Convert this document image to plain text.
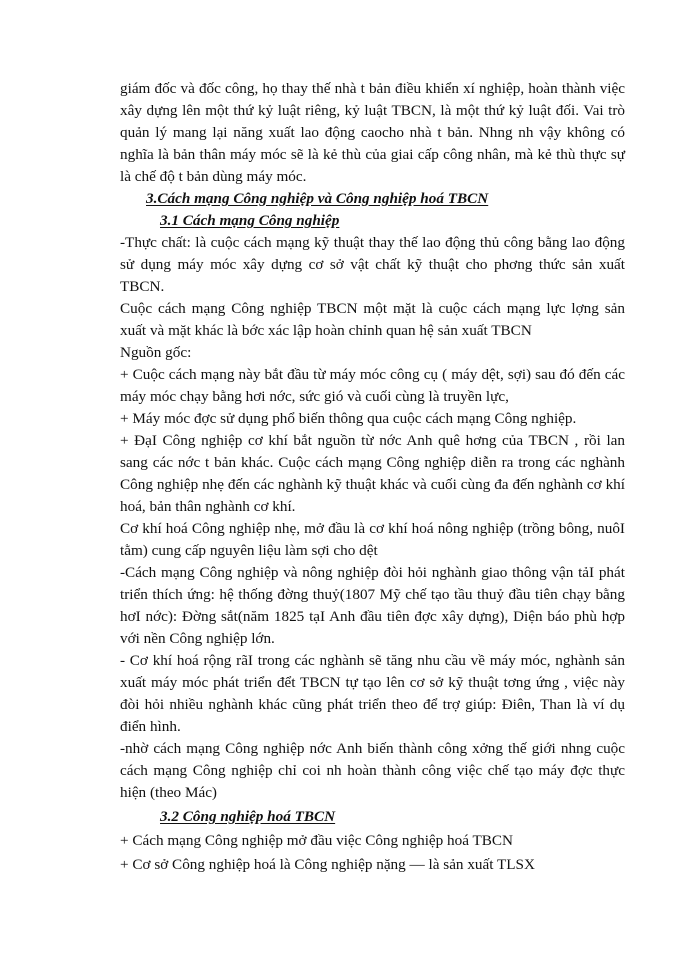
giám đốc và đốc công, họ thay thế nhà t bản điều khiển xí nghiệp, hoàn thành việc xây dựng lên một thứ kỷ luật riêng, kỷ luật TBCN, là một thứ kỷ luật đối. Vai trò quản lý mang lại năng xuất lao động caocho nhà t bản. Nhng nh vậy không có nghĩa là bản thân máy móc sẽ là kẻ thù của giai cấp công nhân, mà kẻ thù thực sự là chế độ t bản dùng máy móc.

3.Cách mạng Công nghiệp và Công nghiệp hoá TBCN

3.1 Cách mạng Công nghiệp

-Thực chất: là cuộc cách mạng kỹ thuật thay thế lao động thủ công bằng lao động sử dụng máy móc xây dựng cơ sở vật chất kỹ thuật cho phơng thức sản xuất TBCN.

Cuộc cách mạng Công nghiệp TBCN một mặt là cuộc cách mạng lực lợng sản xuất và mặt khác là bớc xác lập hoàn chỉnh quan hệ sản xuất TBCN

Nguồn gốc:

+ Cuộc cách mạng này bắt đầu từ máy móc công cụ ( máy dệt, sợi) sau đó đến các máy móc chạy bằng hơi nớc, sức gió và cuối cùng là truyền lực,

+ Máy móc đợc sử dụng phổ biến thông qua cuộc cách mạng Công nghiệp.

+ ĐạI Công nghiệp cơ khí bắt nguồn từ nớc Anh quê hơng của TBCN , rồi lan sang các nớc t bản khác. Cuộc cách mạng Công nghiệp diễn ra trong các nghành Công nghiệp nhẹ đến các nghành kỹ thuật khác và cuối cùng đa đến nghành cơ khí hoá, bản thân nghành cơ khí.

Cơ khí hoá Công nghiệp nhẹ, mở đầu là cơ khí hoá nông nghiệp (trồng bông, nuôI tằm) cung cấp nguyên liệu làm sợi cho dệt

-Cách mạng Công nghiệp và nông nghiệp đòi hỏi nghành giao thông vận tảI phát triển thích ứng: hệ thống đờng thuỷ(1807 Mỹ chế tạo tầu thuỷ đầu tiên chạy bằng hơI nớc): Đờng sắt(năm 1825 tạI Anh đầu tiên đợc xây dựng), Diện báo phù hợp với nền Công nghiệp lớn.

- Cơ khí hoá rộng rãI trong các nghành sẽ tăng nhu cầu về máy móc, nghành sản xuất máy móc phát triển đểt TBCN tự tạo lên cơ sở kỹ thuật tơng ứng , việc này đòi hỏi nhiều nghành khác cũng phát triển theo để trợ giúp: Điên, Than là ví dụ điển hình.

-nhờ cách mạng Công nghiệp nớc Anh biến thành công xởng thế giới nhng cuộc cách mạng Công nghiệp chỉ coi nh hoàn thành công việc chế tạo máy đợc thực hiện (theo Mác)

3.2 Công nghiệp hoá TBCN

+ Cách mạng Công nghiệp mở đầu việc Công nghiệp hoá TBCN

+ Cơ sở Công nghiệp hoá là Công nghiệp nặng — là sản xuất TLSX
